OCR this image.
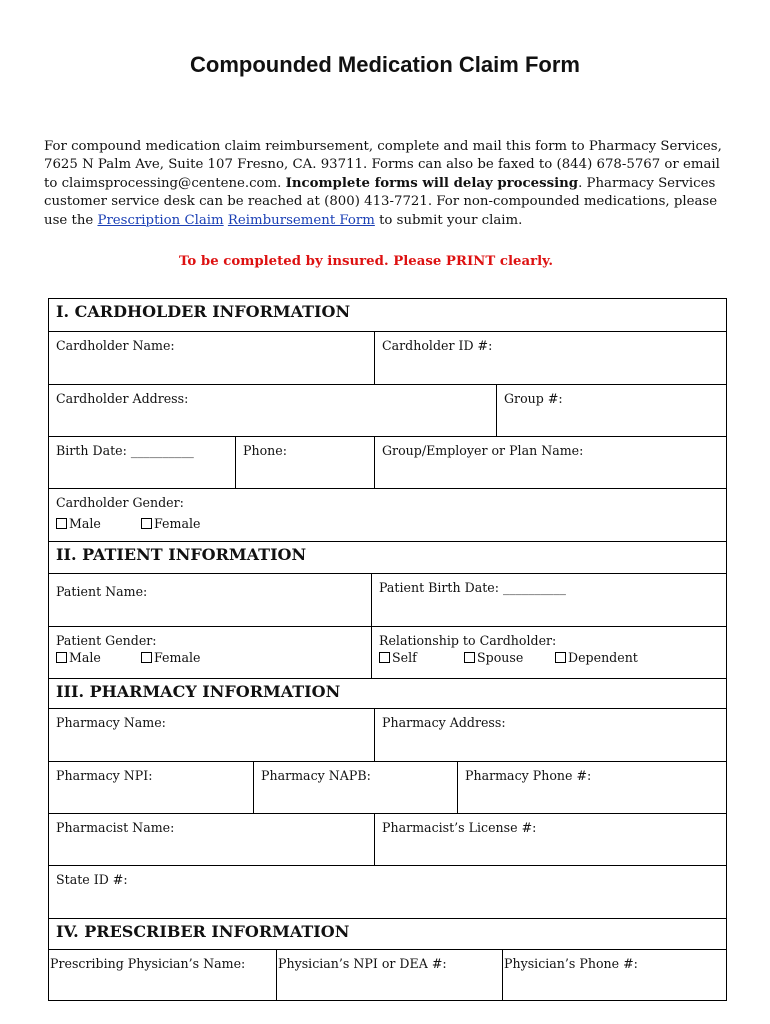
Compounded Medication Claim Form
For compound medication claim reimbursement, complete and mail this form to Pharmacy Services, 7625 N Palm Ave, Suite 107 Fresno, CA. 93711. Forms can also be faxed to (844) 678-5767 or email to claimsprocessing@centene.com. Incomplete forms will delay processing. Pharmacy Services customer service desk can be reached at (800) 413-7721. For non-compounded medications, please use the Prescription Claim Reimbursement Form to submit your claim.
To be completed by insured. Please PRINT clearly.
I. CARDHOLDER INFORMATION
Cardholder Name:	Cardholder ID #:
Cardholder Address:	Group #:
Birth Date: __________	Phone:	Group/Employer or Plan Name:
Cardholder Gender:
Male	Female
II. PATIENT INFORMATION
Patient Name:	Patient Birth Date: __________
Patient Gender:
Male	Female
Relationship to Cardholder:
Self	Spouse	Dependent
III. PHARMACY INFORMATION
Pharmacy Name:	Pharmacy Address:
Pharmacy NPI:	Pharmacy NAPB:	Pharmacy Phone #:
Pharmacist Name:	Pharmacist’s License #:
State ID #:
IV. PRESCRIBER INFORMATION
Prescribing Physician’s Name:	Physician’s NPI or DEA #:	Physician’s Phone #:
